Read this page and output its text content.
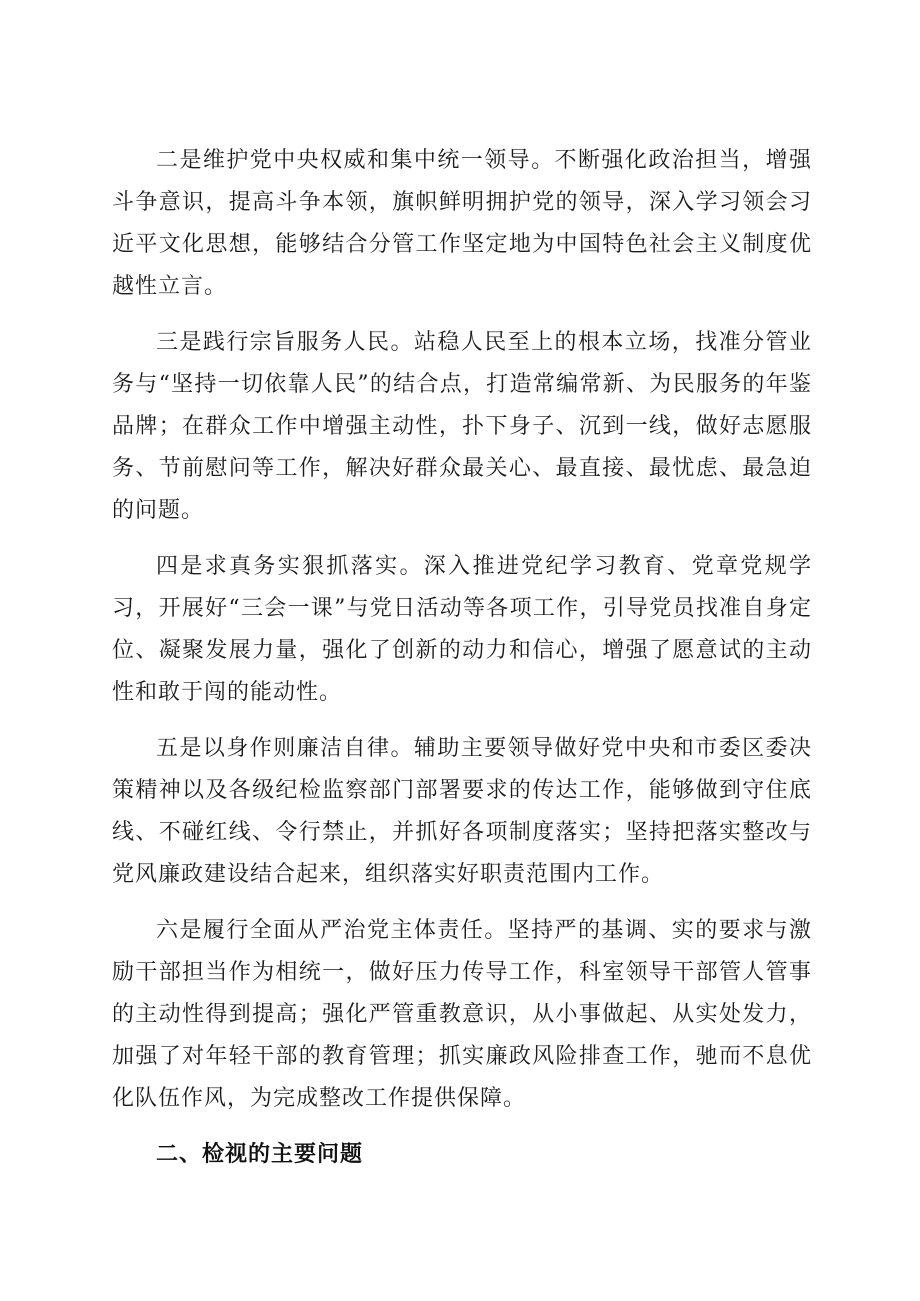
二是维护党中央权威和集中统一领导。不断强化政治担当，增强斗争意识，提高斗争本领，旗帜鲜明拥护党的领导，深入学习领会习近平文化思想，能够结合分管工作坚定地为中国特色社会主义制度优越性立言。

三是践行宗旨服务人民。站稳人民至上的根本立场，找准分管业务与“坚持一切依靠人民”的结合点，打造常编常新、为民服务的年鉴品牌；在群众工作中增强主动性，扑下身子、沉到一线，做好志愿服务、节前慰问等工作，解决好群众最关心、最直接、最忧虑、最急迫的问题。

四是求真务实狠抓落实。深入推进党纪学习教育、党章党规学习，开展好“三会一课”与党日活动等各项工作，引导党员找准自身定位、凝聚发展力量，强化了创新的动力和信心，增强了愿意试的主动性和敢于闯的能动性。

五是以身作则廉洁自律。辅助主要领导做好党中央和市委区委决策精神以及各级纪检监察部门部署要求的传达工作，能够做到守住底线、不碰红线、令行禁止，并抓好各项制度落实；坚持把落实整改与党风廉政建设结合起来，组织落实好职责范围内工作。

六是履行全面从严治党主体责任。坚持严的基调、实的要求与激励干部担当作为相统一，做好压力传导工作，科室领导干部管人管事的主动性得到提高；强化严管重教意识，从小事做起、从实处发力，加强了对年轻干部的教育管理；抓实廉政风险排查工作，驰而不息优化队伍作风，为完成整改工作提供保障。

二、检视的主要问题
